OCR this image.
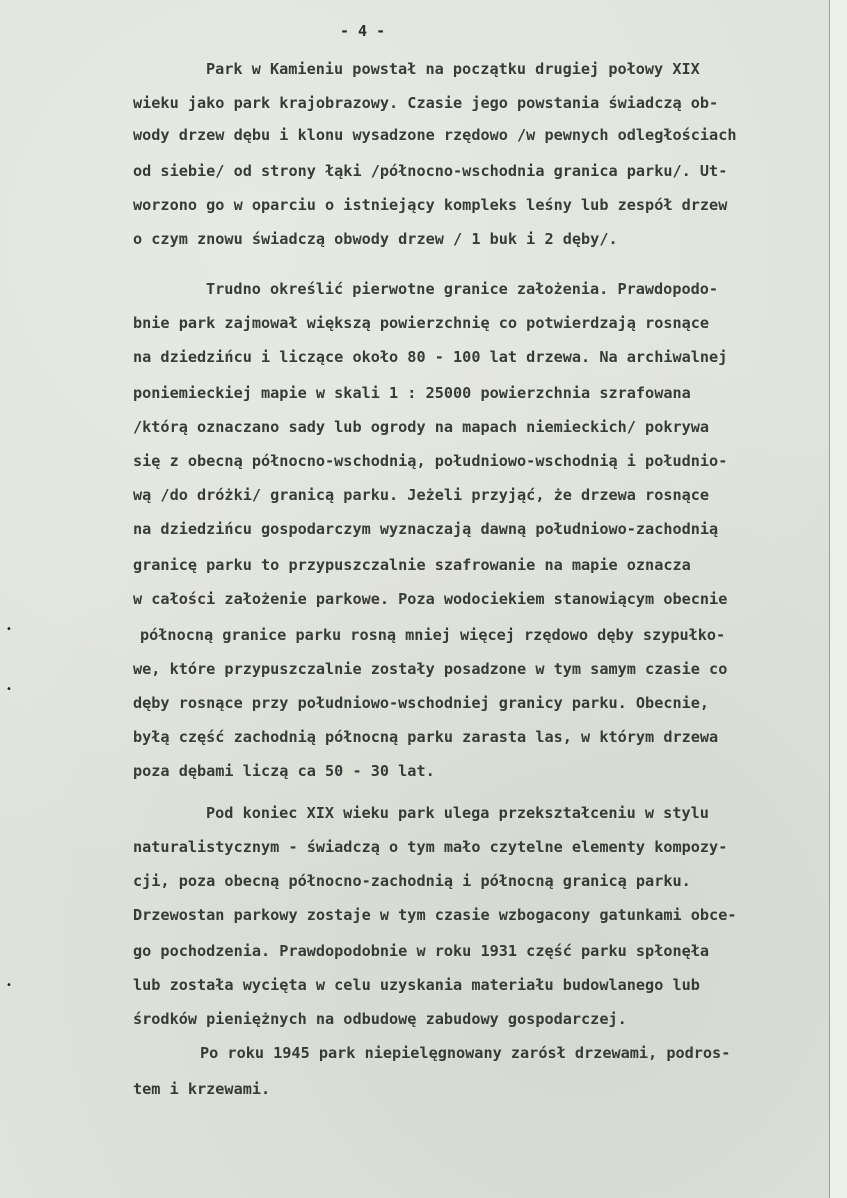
- 4 -
Park w Kamieniu powstał na początku drugiej połowy XIX
wieku jako park krajobrazowy. Czasie jego powstania świadczą ob-
wody drzew dębu i klonu wysadzone rzędowo /w pewnych odległościach
od siebie/ od strony łąki /północno-wschodnia granica parku/. Ut-
worzono go w oparciu o istniejący kompleks leśny lub zespół drzew
o czym znowu świadczą obwody drzew / 1 buk i 2 dęby/.
Trudno określić pierwotne granice założenia. Prawdopodo-
bnie park zajmował większą powierzchnię co potwierdzają rosnące
na dziedzińcu i liczące około 80 - 100 lat drzewa. Na archiwalnej
poniemieckiej mapie w skali 1 : 25000 powierzchnia szrafowana
/którą oznaczano sady lub ogrody na mapach niemieckich/ pokrywa
się z obecną północno-wschodnią, południowo-wschodnią i południo-
wą /do dróżki/ granicą parku. Jeżeli przyjąć, że drzewa rosnące
na dziedzińcu gospodarczym wyznaczają dawną południowo-zachodnią
granicę parku to przypuszczalnie szafrowanie na mapie oznacza
w całości założenie parkowe. Poza wodociekiem stanowiącym obecnie
północną granice parku rosną mniej więcej rzędowo dęby szypułko-
we, które przypuszczalnie zostały posadzone w tym samym czasie co
dęby rosnące przy południowo-wschodniej granicy parku. Obecnie,
byłą część zachodnią północną parku zarasta las, w którym drzewa
poza dębami liczą ca 50 - 30 lat.
Pod koniec XIX wieku park ulega przekształceniu w stylu
naturalistycznym - świadczą o tym mało czytelne elementy kompozy-
cji, poza obecną północno-zachodnią i północną granicą parku.
Drzewostan parkowy zostaje w tym czasie wzbogacony gatunkami obce-
go pochodzenia. Prawdopodobnie w roku 1931 część parku spłonęła
lub została wycięta w celu uzyskania materiału budowlanego lub
środków pieniężnych na odbudowę zabudowy gospodarczej.
Po roku 1945 park niepielęgnowany zarósł drzewami, podros-
tem i krzewami.
•
•
•
